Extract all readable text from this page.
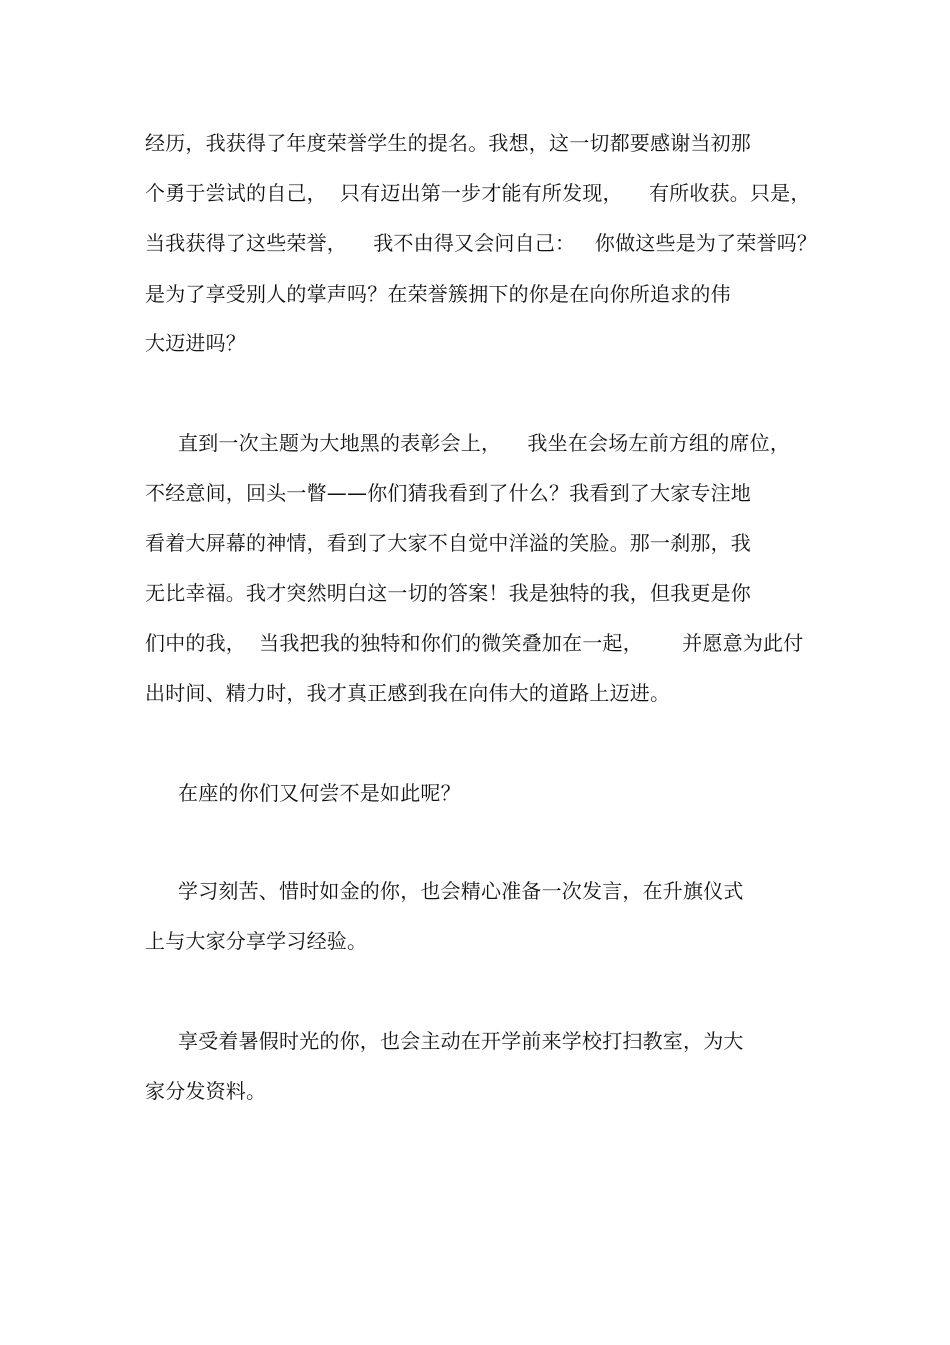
经历，我获得了年度荣誉学生的提名。我想，这一切都要感谢当初那
个勇于尝试的自己，  只有迈出第一步才能有所发现，    有所收获。只是，
当我获得了这些荣誉，    我不由得又会问自己：   你做这些是为了荣誉吗？
是为了享受别人的掌声吗？在荣誉簇拥下的你是在向你所追求的伟
大迈进吗？
直到一次主题为大地黑的表彰会上，    我坐在会场左前方组的席位，
不经意间，回头一瞥——你们猜我看到了什么？我看到了大家专注地
看着大屏幕的神情，看到了大家不自觉中洋溢的笑脸。那一刹那，我
无比幸福。我才突然明白这一切的答案！我是独特的我，但我更是你
们中的我，  当我把我的独特和你们的微笑叠加在一起，      并愿意为此付
出时间、精力时，我才真正感到我在向伟大的道路上迈进。
在座的你们又何尝不是如此呢？
学习刻苦、惜时如金的你，也会精心准备一次发言，在升旗仪式
上与大家分享学习经验。
享受着暑假时光的你，也会主动在开学前来学校打扫教室，为大
家分发资料。
